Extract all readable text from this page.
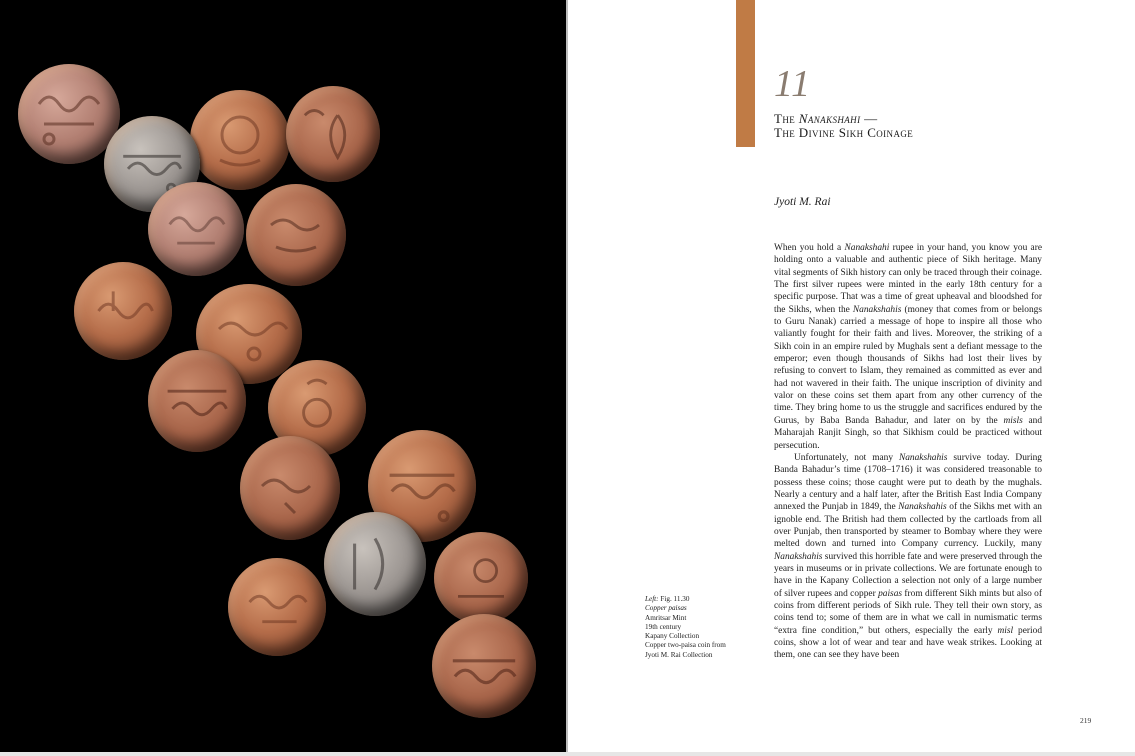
11
The Nanakshahi —
The Divine Sikh Coinage
Jyoti M. Rai

When you hold a Nanakshahi rupee in your hand, you know you are holding onto a valuable and authentic piece of Sikh heritage. Many vital segments of Sikh history can only be traced through their coinage. The first silver rupees were minted in the early 18th century for a specific purpose. That was a time of great upheaval and bloodshed for the Sikhs, when the Nanakshahis (money that comes from or belongs to Guru Nanak) carried a message of hope to inspire all those who valiantly fought for their faith and lives. Moreover, the striking of a Sikh coin in an empire ruled by Mughals sent a defiant message to the emperor; even though thousands of Sikhs had lost their lives by refusing to convert to Islam, they remained as committed as ever and had not wavered in their faith. The unique inscription of divinity and valor on these coins set them apart from any other currency of the time. They bring home to us the struggle and sacrifices endured by the Gurus, by Baba Banda Bahadur, and later on by the misls and Maharajah Ranjit Singh, so that Sikhism could be practiced without persecution.

Unfortunately, not many Nanakshahis survive today. During Banda Bahadur’s time (1708–1716) it was considered treasonable to possess these coins; those caught were put to death by the mughals. Nearly a century and a half later, after the British East India Company annexed the Punjab in 1849, the Nanakshahis of the Sikhs met with an ignoble end. The British had them collected by the cartloads from all over Punjab, then transported by steamer to Bombay where they were melted down and turned into Company currency. Luckily, many Nanakshahis survived this horrible fate and were preserved through the years in museums or in private collections. We are fortunate enough to have in the Kapany Collection a selection not only of a large number of silver rupees and copper paisas from different Sikh mints but also of coins from different periods of Sikh rule. They tell their own story, as coins tend to; some of them are in what we call in numismatic terms “extra fine condition,” but others, especially the early misl period coins, show a lot of wear and tear and have weak strikes. Looking at them, one can see they have been

Left: Fig. 11.30
Copper paisas
Amritsar Mint
19th century
Kapany Collection
Copper two-paisa coin from
Jyoti M. Rai Collection
219
